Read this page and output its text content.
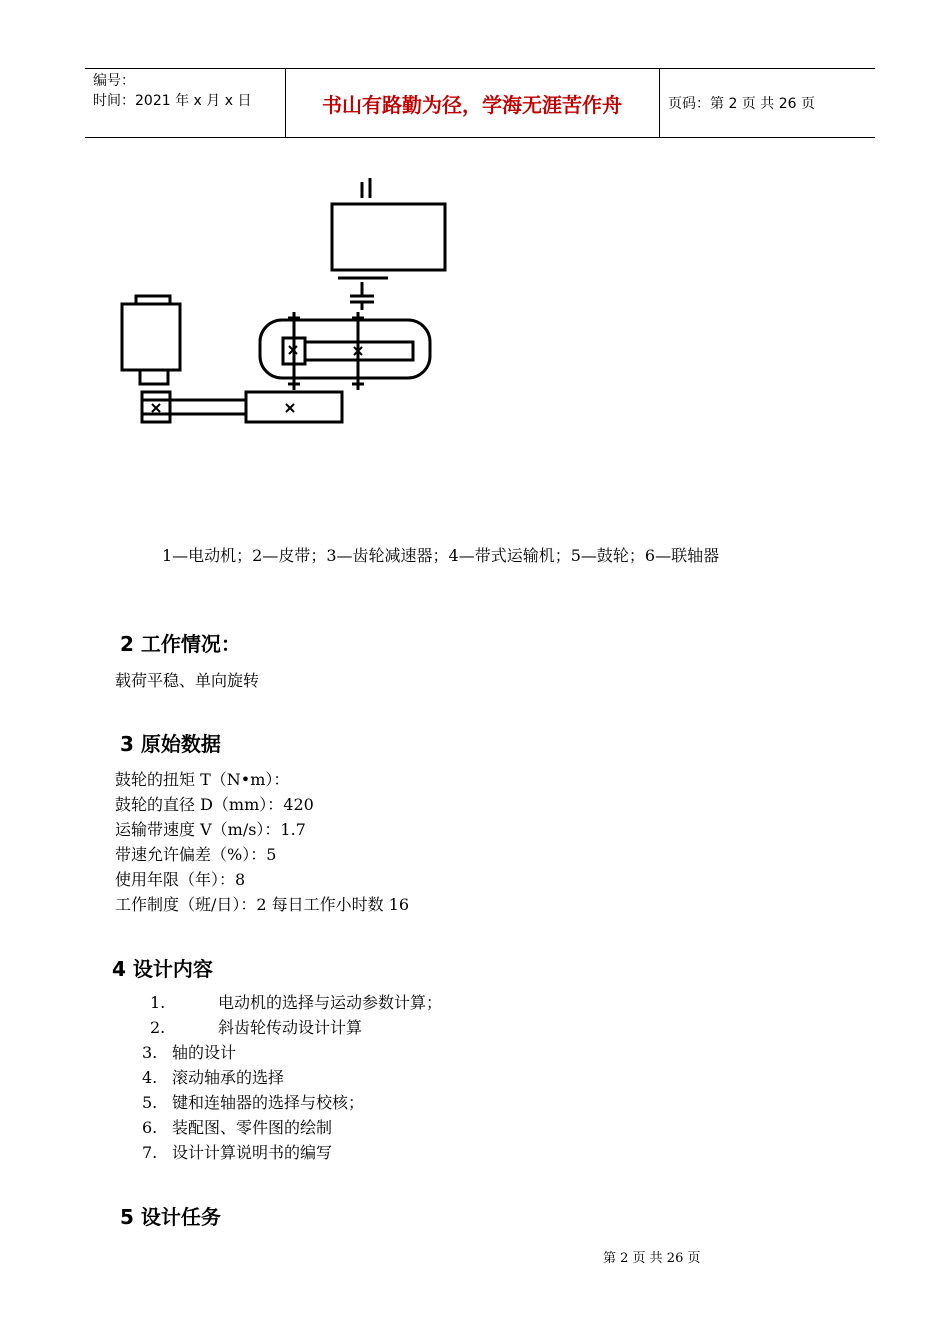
编号：
时间：2021 年 x 月 x 日	书山有路勤为径，学海无涯苦作舟	页码：第 2 页 共 26 页
1—电动机；2—皮带；3—齿轮减速器；4—带式运输机；5—鼓轮；6—联轴器
2 工作情况：
载荷平稳、单向旋转
3 原始数据
鼓轮的扭矩 T（N•m）：
鼓轮的直径 D（mm）：420
运输带速度 V（m/s）：1.7
带速允许偏差（%）：5
使用年限（年）：8
工作制度（班/日）：2 每日工作小时数 16
4 设计内容
1.	电动机的选择与运动参数计算；
2.	斜齿轮传动设计计算
3. 轴的设计
4. 滚动轴承的选择
5. 键和连轴器的选择与校核；
6. 装配图、零件图的绘制
7. 设计计算说明书的编写
5 设计任务
第 2 页 共 26 页
